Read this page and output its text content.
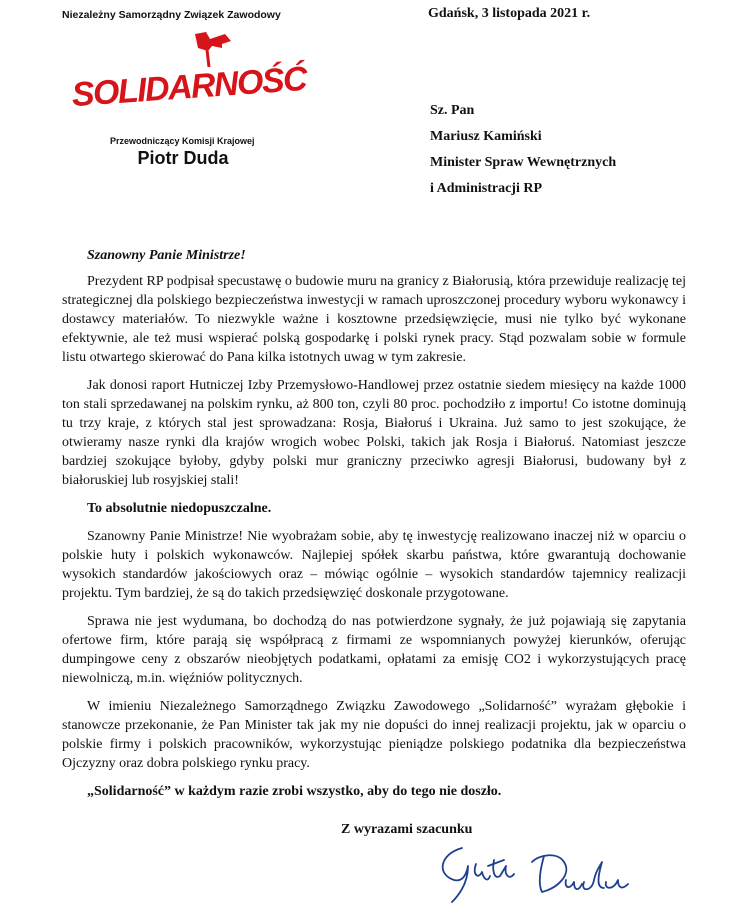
Niezależny Samorządny Związek Zawodowy
SOLIDARNOŚĆ
Przewodniczący Komisji Krajowej
Piotr Duda
Gdańsk, 3 listopada 2021 r.
Sz. Pan
Mariusz Kamiński
Minister Spraw Wewnętrznych
i Administracji RP
Szanowny Panie Ministrze!

Prezydent RP podpisał specustawę o budowie muru na granicy z Białorusią, która przewiduje realizację tej strategicznej dla polskiego bezpieczeństwa inwestycji w ramach uproszczonej procedury wyboru wykonawcy i dostawcy materiałów. To niezwykle ważne i kosztowne przedsięwzięcie, musi nie tylko być wykonane efektywnie, ale też musi wspierać polską gospodarkę i polski rynek pracy. Stąd pozwalam sobie w formule listu otwartego skierować do Pana kilka istotnych uwag w tym zakresie.

Jak donosi raport Hutniczej Izby Przemysłowo-Handlowej przez ostatnie siedem miesięcy na każde 1000 ton stali sprzedawanej na polskim rynku, aż 800 ton, czyli 80 proc. pochodziło z importu! Co istotne dominują tu trzy kraje, z których stal jest sprowadzana: Rosja, Białoruś i Ukraina. Już samo to jest szokujące, że otwieramy nasze rynki dla krajów wrogich wobec Polski, takich jak Rosja i Białoruś. Natomiast jeszcze bardziej szokujące byłoby, gdyby polski mur graniczny przeciwko agresji Białorusi, budowany był z białoruskiej lub rosyjskiej stali!

To absolutnie niedopuszczalne.

Szanowny Panie Ministrze! Nie wyobrażam sobie, aby tę inwestycję realizowano inaczej niż w oparciu o polskie huty i polskich wykonawców. Najlepiej spółek skarbu państwa, które gwarantują dochowanie wysokich standardów jakościowych oraz – mówiąc ogólnie – wysokich standardów tajemnicy realizacji projektu. Tym bardziej, że są do takich przedsięwzięć doskonale przygotowane.

Sprawa nie jest wydumana, bo dochodzą do nas potwierdzone sygnały, że już pojawiają się zapytania ofertowe firm, które parają się współpracą z firmami ze wspomnianych powyżej kierunków, oferując dumpingowe ceny z obszarów nieobjętych podatkami, opłatami za emisję CO2 i wykorzystujących pracę niewolniczą, m.in. więźniów politycznych.

W imieniu Niezależnego Samorządnego Związku Zawodowego „Solidarność” wyrażam głębokie i stanowcze przekonanie, że Pan Minister tak jak my nie dopuści do innej realizacji projektu, jak w oparciu o polskie firmy i polskich pracowników, wykorzystując pieniądze polskiego podatnika dla bezpieczeństwa Ojczyzny oraz dobra polskiego rynku pracy.

„Solidarność” w każdym razie zrobi wszystko, aby do tego nie doszło.

Z wyrazami szacunku
